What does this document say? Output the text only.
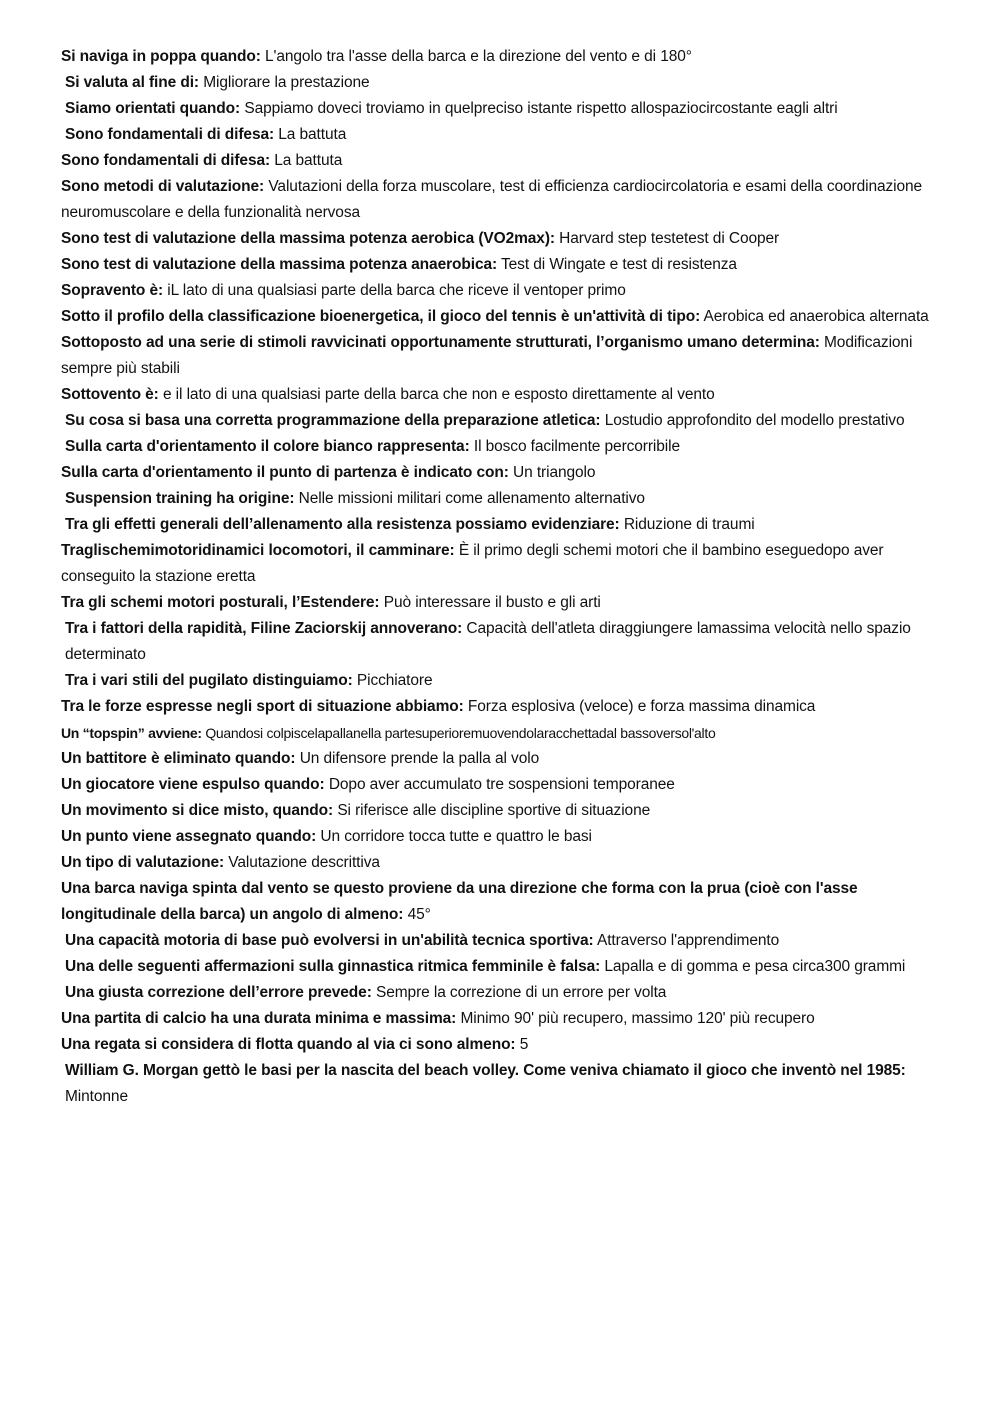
Si naviga in poppa quando: L'angolo tra l'asse della barca e la direzione del vento e di 180°

Si valuta al fine di: Migliorare la prestazione

Siamo orientati quando: Sappiamo doveci troviamo in quelpreciso istante rispetto allospaziocircostante eagli altri

Sono fondamentali di difesa: La battuta

Sono fondamentali di difesa: La battuta

Sono metodi di valutazione: Valutazioni della forza muscolare, test di efficienza cardiocircolatoria e esami della coordinazione neuromuscolare e della funzionalità nervosa

Sono test di valutazione della massima potenza aerobica (VO2max): Harvard step testetest di Cooper

Sono test di valutazione della massima potenza anaerobica: Test di Wingate e test di resistenza

Sopravento è: iL lato di una qualsiasi parte della barca che riceve il ventoper primo

Sotto il profilo della classificazione bioenergetica, il gioco del tennis è un'attività di tipo: Aerobica ed anaerobica alternata

Sottoposto ad una serie di stimoli ravvicinati opportunamente strutturati, l’organismo umano determina: Modificazioni sempre più stabili

Sottovento è: e il lato di una qualsiasi parte della barca che non e esposto direttamente al vento

Su cosa si basa una corretta programmazione della preparazione atletica: Lostudio approfondito del modello prestativo

Sulla carta d'orientamento il colore bianco rappresenta: Il bosco facilmente percorribile

Sulla carta d'orientamento il punto di partenza è indicato con: Un triangolo

Suspension training ha origine: Nelle missioni militari come allenamento alternativo

Tra gli effetti generali dell’allenamento alla resistenza possiamo evidenziare: Riduzione di traumi

Traglischemimotoridinamici locomotori, il camminare: È il primo degli schemi motori che il bambino eseguedopo aver conseguito la stazione eretta

Tra gli schemi motori posturali, l’Estendere: Può interessare il busto e gli arti

Tra i fattori della rapidità, Filine Zaciorskij annoverano: Capacità dell'atleta diraggiungere lamassima velocità nello spazio determinato

Tra i vari stili del pugilato distinguiamo: Picchiatore

Tra le forze espresse negli sport di situazione abbiamo: Forza esplosiva (veloce) e forza massima dinamica

Un “topspin” avviene: Quandosi colpiscelapallanella partesuperioremuovendolaracchettadal bassoversol'alto

Un battitore è eliminato quando: Un difensore prende la palla al volo

Un giocatore viene espulso quando: Dopo aver accumulato tre sospensioni temporanee

Un movimento si dice misto, quando: Si riferisce alle discipline sportive di situazione

Un punto viene assegnato quando: Un corridore tocca tutte e quattro le basi

Un tipo di valutazione: Valutazione descrittiva

Una barca naviga spinta dal vento se questo proviene da una direzione che forma con la prua (cioè con l'asse longitudinale della barca) un angolo di almeno: 45°

Una capacità motoria di base può evolversi in un'abilità tecnica sportiva: Attraverso l'apprendimento

Una delle seguenti affermazioni sulla ginnastica ritmica femminile è falsa: Lapalla e di gomma e pesa circa300 grammi

Una giusta correzione dell’errore prevede: Sempre la correzione di un errore per volta

Una partita di calcio ha una durata minima e massima: Minimo 90' più recupero, massimo 120' più recupero

Una regata si considera di flotta quando al via ci sono almeno: 5

William G. Morgan gettò le basi per la nascita del beach volley. Come veniva chiamato il gioco che inventò nel 1985: Mintonne
